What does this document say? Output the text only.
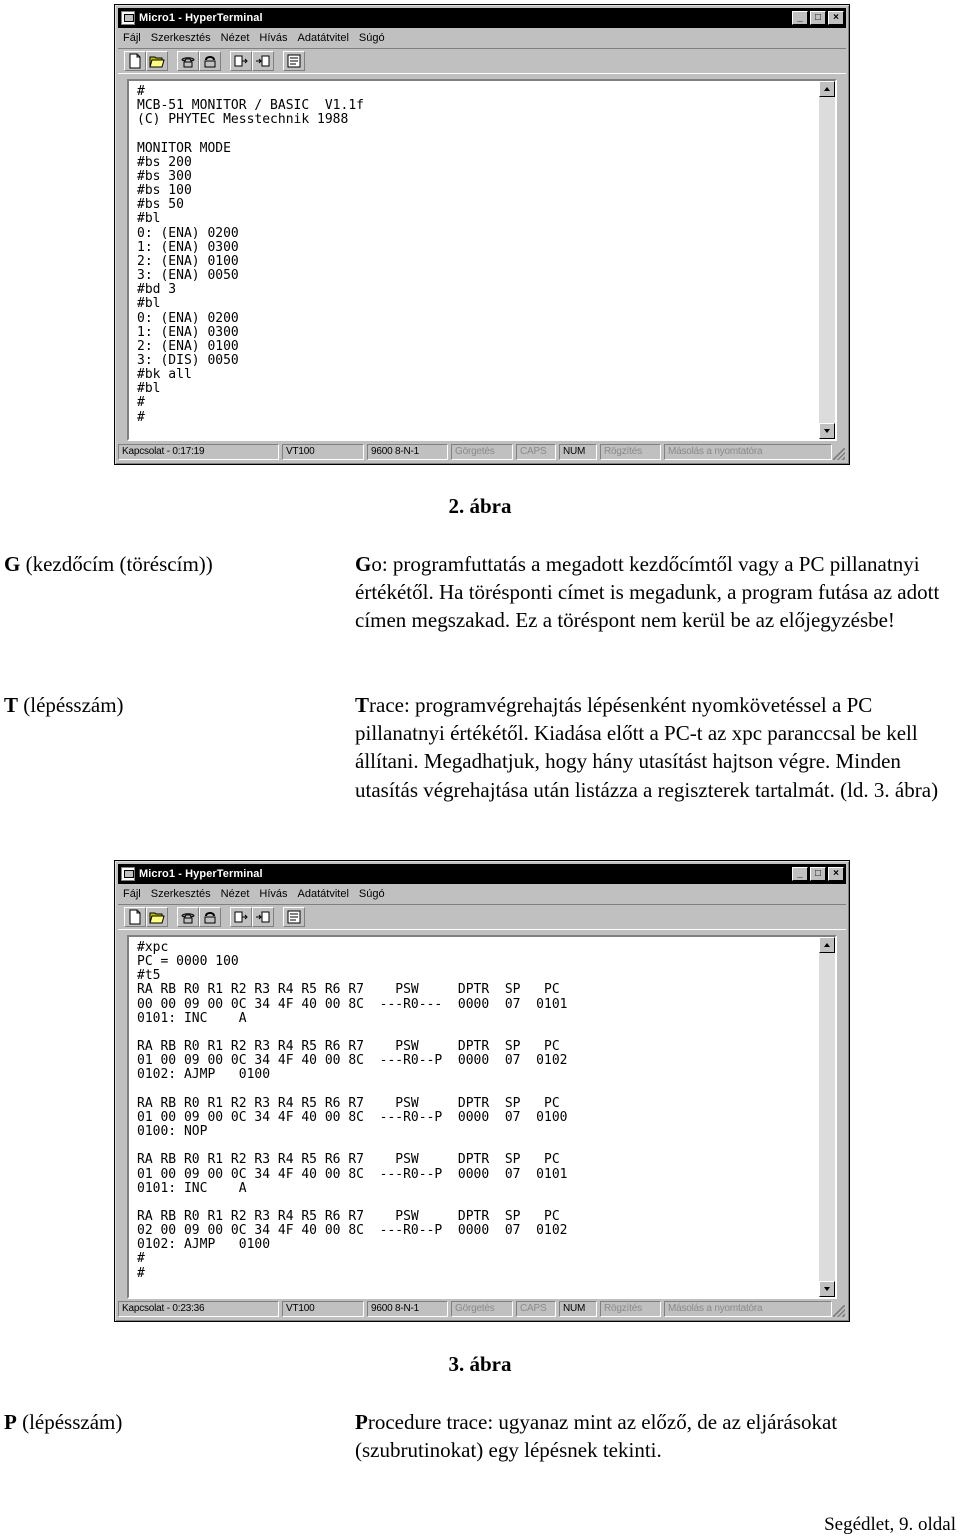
Micro1 - HyperTerminal	_	□	×
Fájl Szerkesztés Nézet Hívás Adatátvitel Súgó
#
MCB-51 MONITOR / BASIC  V1.1f
(C) PHYTEC Messtechnik 1988

MONITOR MODE
#bs 200
#bs 300
#bs 100
#bs 50
#bl
0: (ENA) 0200
1: (ENA) 0300
2: (ENA) 0100
3: (ENA) 0050
#bd 3
#bl
0: (ENA) 0200
1: (ENA) 0300
2: (ENA) 0100
3: (DIS) 0050
#bk all
#bl
#
#
Kapcsolat - 0:17:19	VT100	9600 8-N-1	Görgetés	CAPS	NUM	Rögzítés	Másolás a nyomtatóra
2. ábra
G (kezdőcím (töréscím))	Go: programfuttatás a megadott kezdőcímtől vagy a PC pillanatnyi értékétől. Ha törésponti címet is megadunk, a program futása az adott címen megszakad. Ez a töréspont nem kerül be az előjegyzésbe!
T (lépésszám)	Trace: programvégrehajtás lépésenként nyomkövetéssel a PC pillanatnyi értékétől. Kiadása előtt a PC-t az xpc paranccsal be kell állítani. Megadhatjuk, hogy hány utasítást hajtson végre. Minden utasítás végrehajtása után listázza a regiszterek tartalmát. (ld. 3. ábra)
Micro1 - HyperTerminal	_	□	×
Fájl Szerkesztés Nézet Hívás Adatátvitel Súgó
#xpc
PC = 0000 100
#t5
RA RB R0 R1 R2 R3 R4 R5 R6 R7    PSW     DPTR  SP   PC
00 00 09 00 0C 34 4F 40 00 8C  ---R0---  0000  07  0101
0101: INC    A

RA RB R0 R1 R2 R3 R4 R5 R6 R7    PSW     DPTR  SP   PC
01 00 09 00 0C 34 4F 40 00 8C  ---R0--P  0000  07  0102
0102: AJMP   0100

RA RB R0 R1 R2 R3 R4 R5 R6 R7    PSW     DPTR  SP   PC
01 00 09 00 0C 34 4F 40 00 8C  ---R0--P  0000  07  0100
0100: NOP

RA RB R0 R1 R2 R3 R4 R5 R6 R7    PSW     DPTR  SP   PC
01 00 09 00 0C 34 4F 40 00 8C  ---R0--P  0000  07  0101
0101: INC    A

RA RB R0 R1 R2 R3 R4 R5 R6 R7    PSW     DPTR  SP   PC
02 00 09 00 0C 34 4F 40 00 8C  ---R0--P  0000  07  0102
0102: AJMP   0100
#
#
Kapcsolat - 0:23:36	VT100	9600 8-N-1	Görgetés	CAPS	NUM	Rögzítés	Másolás a nyomtatóra
3. ábra
P (lépésszám)	Procedure trace: ugyanaz mint az előző, de az eljárásokat (szubrutinokat) egy lépésnek tekinti.
Segédlet, 9. oldal
